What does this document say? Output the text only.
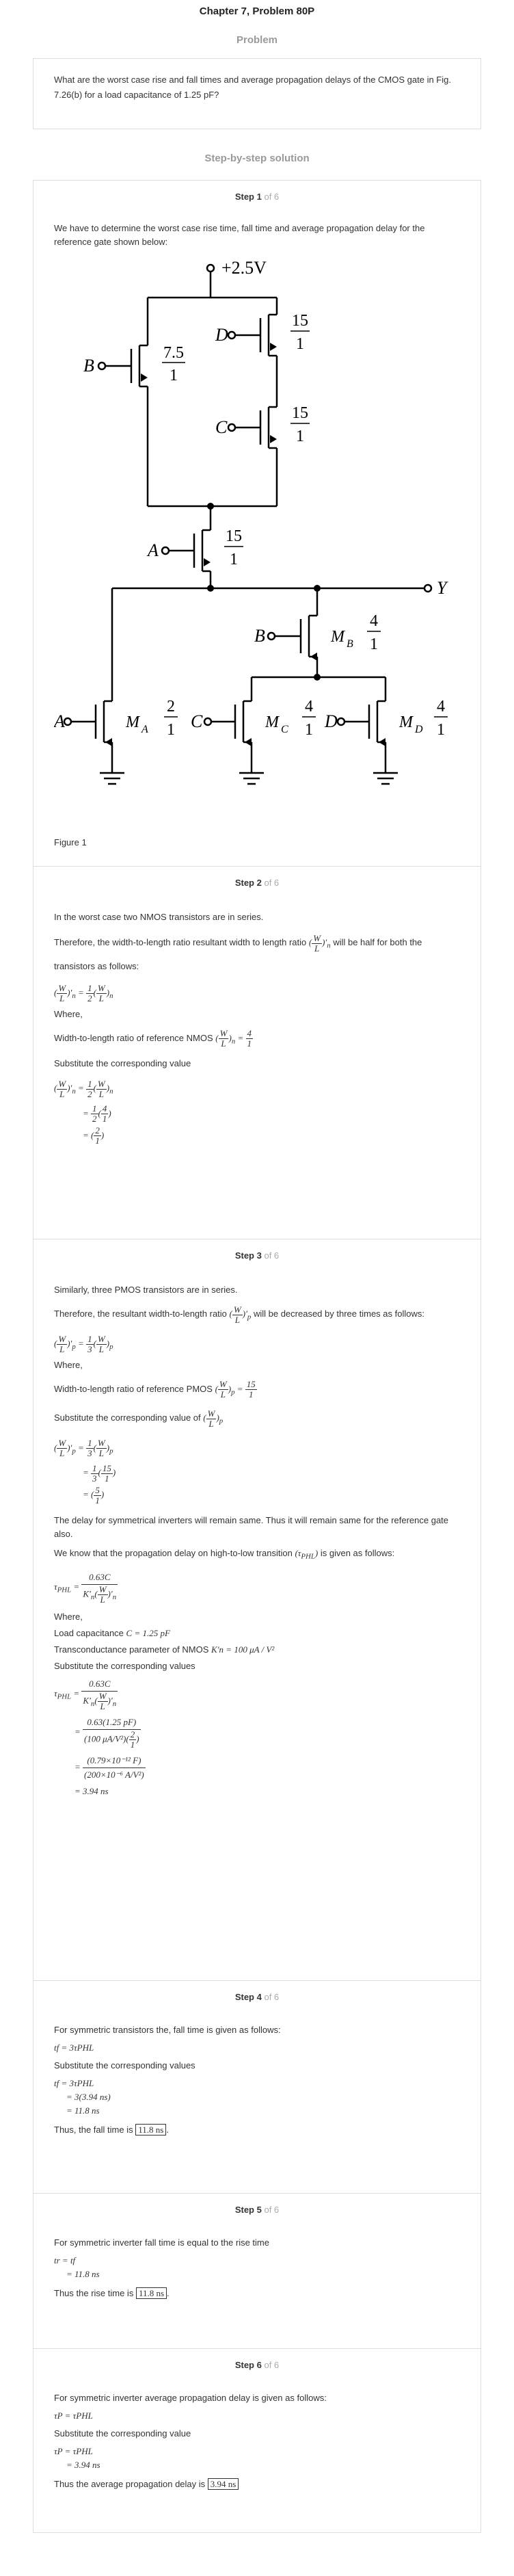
Chapter 7, Problem 80P
Problem
What are the worst case rise and fall times and average propagation delays of the CMOS gate in Fig. 7.26(b) for a load capacitance of 1.25 pF?
Step-by-step solution
Step 1 of 6

We have to determine the worst case rise time, fall time and average propagation delay for the reference gate shown below:

+2.5V
D
B
C
A
Y
B
A	C	D
15
1
7.5
1
15
1
15
1
4
1
2
1
4
1
4
1
M B
M A	M C	M D

Figure 1

Step 2 of 6

In the worst case two NMOS transistors are in series.

Therefore, the width-to-length ratio resultant width to length ratio ( $\frac{W}{L} )'_n$ will be half for both the transistors as follows:

( $\frac{W}{L} )'_n = \frac{1}{2}$ ( $\frac{W}{L} )_n$

Where,

Width-to-length ratio of reference NMOS ( $\frac{W}{L} )_n = \frac{4}{1}$

Substitute the corresponding value

( $\frac{W}{L} )'_n = \frac{1}{2}$ ( $\frac{W}{L} )_n$
= $\frac{1}{2}$ ( $\frac{4}{1}$ )
= ( $\frac{2}{1}$ )
Step 3 of 6

Similarly, three PMOS transistors are in series.

Therefore, the resultant width-to-length ratio ( $\frac{W}{L} )'_p$ will be decreased by three times as follows:

( $\frac{W}{L} )'_p = \frac{1}{3}$ ( $\frac{W}{L} )_p$

Where,

Width-to-length ratio of reference PMOS ( $\frac{W}{L} )_p = \frac{15}{1}$

Substitute the corresponding value of ( $\frac{W}{L} )_p$

( $\frac{W}{L} )'_p = \frac{1}{3}$ ( $\frac{W}{L} )_p$
= $\frac{1}{3}$ ( $\frac{15}{1}$ )
= ( $\frac{5}{1}$ )

The delay for symmetrical inverters will remain same. Thus it will remain same for the reference gate also.

We know that the propagation delay on high-to-low transition $(\tau_{PHL})$ is given as follows:

$\tau_{PHL} = \frac{0.63C}{K'_n( \frac{W}{L} )'_n}$

Where,

Load capacitance C = 1.25 pF

Transconductance parameter of NMOS K′n = 100 μA / V²

Substitute the corresponding values

$\tau_{PHL} = \frac{0.63C}{K'_n( \frac{W}{L} )'_n}$
= $\frac{0.63(1.25 pF)}{(100 \mu A/V^2)( \frac{2}{1} )}$
= $\frac{\text{(0.79×10⁻¹² F)}}{\text{(200×10⁻⁶ A/V²)}}$
= 3.94 ns
Step 4 of 6

For symmetric transistors the, fall time is given as follows:

tf = 3τPHL

Substitute the corresponding values

tf = 3τPHL
= 3(3.94 ns)
= 11.8 ns

Thus, the fall time is 11.8 ns .

Step 5 of 6

For symmetric inverter fall time is equal to the rise time

tr = tf
= 11.8 ns

Thus the rise time is 11.8 ns .

Step 6 of 6

For symmetric inverter average propagation delay is given as follows:

τP = τPHL

Substitute the corresponding value

τP = τPHL
= 3.94 ns

Thus the average propagation delay is 3.94 ns
